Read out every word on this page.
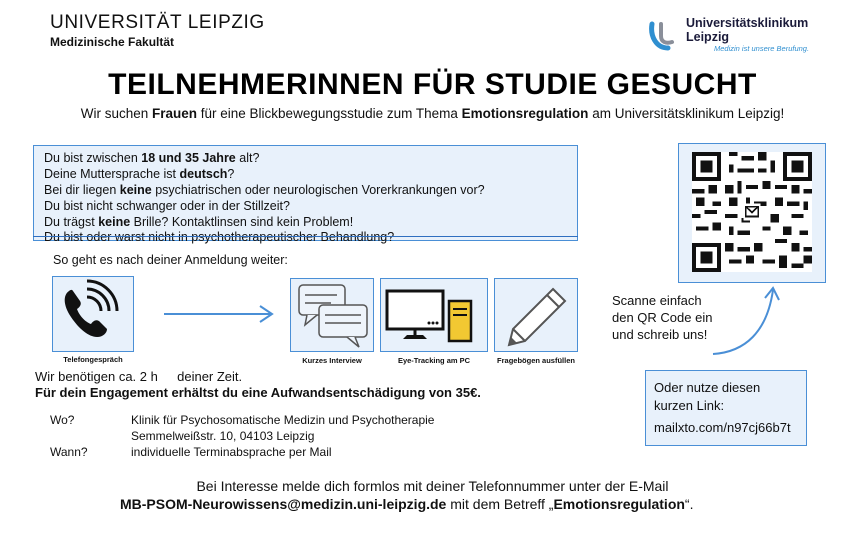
UNIVERSITÄT LEIPZIG
Medizinische Fakultät
Universitätsklinikum
Leipzig
Medizin ist unsere Berufung.
TEILNEHMERINNEN FÜR STUDIE GESUCHT
Wir suchen Frauen für eine Blickbewegungsstudie zum Thema Emotionsregulation am Universitätsklinikum Leipzig!
Du bist zwischen 18 und 35 Jahre alt?
Deine Muttersprache ist deutsch?
Bei dir liegen keine psychiatrischen oder neurologischen Vorerkrankungen vor?
Du bist nicht schwanger oder in der Stillzeit?
Du trägst keine Brille? Kontaktlinsen sind kein Problem!
Du bist oder warst nicht in psychotherapeutischer Behandlung?
So geht es nach deiner Anmeldung weiter:
Telefongespräch	Kurzes Interview	Eye-Tracking am PC	Fragebögen ausfüllen
Wir benötigen ca. 2 h deiner Zeit.
Für dein Engagement erhältst du eine Aufwandsentschädigung von 35€.
Wo?	Klinik für Psychosomatische Medizin und Psychotherapie
Semmelweißstr. 10, 04103 Leipzig
Wann?	individuelle Terminabsprache per Mail
Scanne einfach
den QR Code ein
und schreib uns!
Oder nutze diesen
kurzen Link:
mailxto.com/n97cj66b7t
Bei Interesse melde dich formlos mit deiner Telefonnummer unter der E-Mail
MB-PSOM-Neurowissens@medizin.uni-leipzig.de mit dem Betreff „Emotionsregulation“.
